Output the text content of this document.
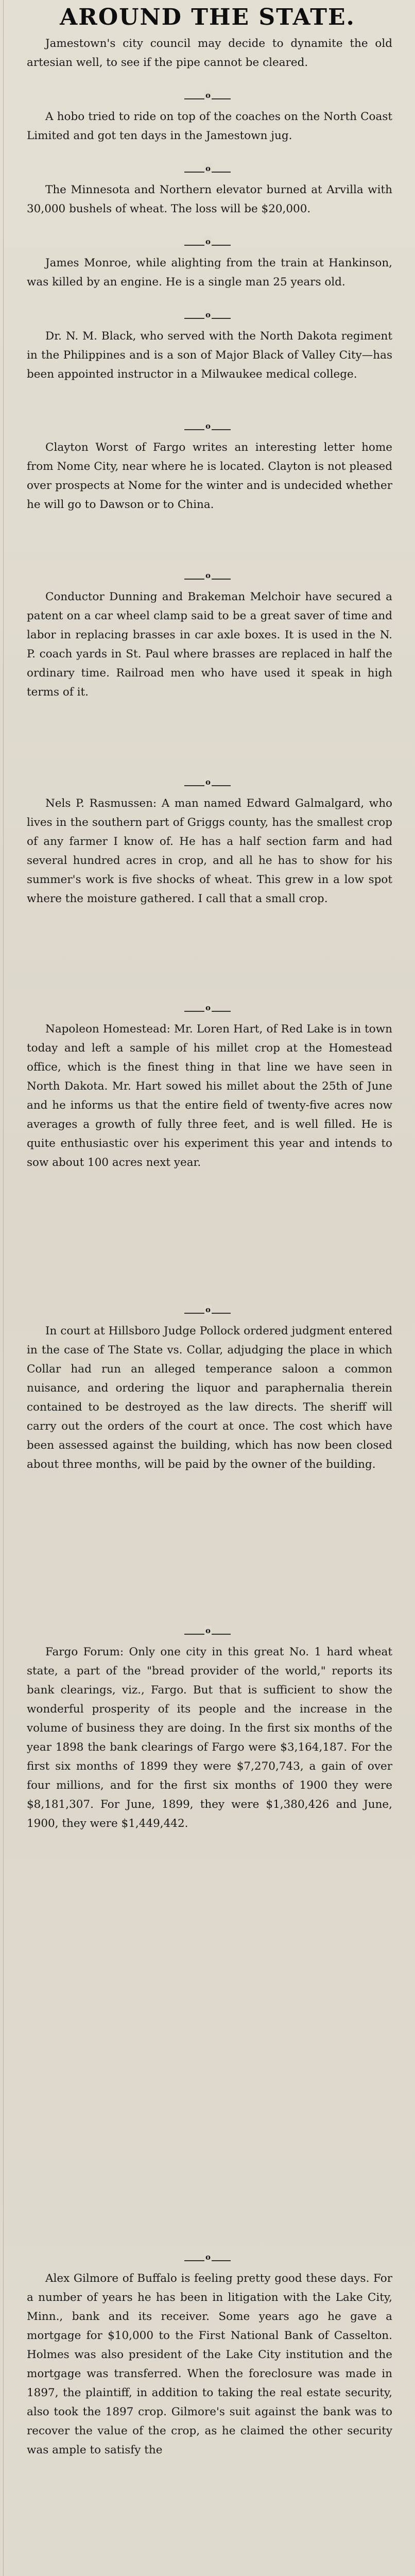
AROUND THE STATE.

Jamestown's city council may decide to dynamite the old artesian well, to see if the pipe cannot be cleared.

o

A hobo tried to ride on top of the coaches on the North Coast Limited and got ten days in the Jamestown jug.

o

The Minnesota and Northern elevator burned at Arvilla with 30,000 bushels of wheat. The loss will be $20,000.

o

James Monroe, while alighting from the train at Hankinson, was killed by an engine. He is a single man 25 years old.

o

Dr. N. M. Black, who served with the North Dakota regiment in the Philippines and is a son of Major Black of Valley City—has been appointed instructor in a Milwaukee medical college.

o

Clayton Worst of Fargo writes an interesting letter home from Nome City, near where he is located. Clayton is not pleased over prospects at Nome for the winter and is undecided whether he will go to Dawson or to China.

o

Conductor Dunning and Brakeman Melchoir have secured a patent on a car wheel clamp said to be a great saver of time and labor in replacing brasses in car axle boxes. It is used in the N. P. coach yards in St. Paul where brasses are replaced in half the ordinary time. Railroad men who have used it speak in high terms of it.

o

Nels P. Rasmussen: A man named Edward Galmalgard, who lives in the southern part of Griggs county, has the smallest crop of any farmer I know of. He has a half section farm and had several hundred acres in crop, and all he has to show for his summer's work is five shocks of wheat. This grew in a low spot where the moisture gathered. I call that a small crop.

o

Napoleon Homestead: Mr. Loren Hart, of Red Lake is in town today and left a sample of his millet crop at the Homestead office, which is the finest thing in that line we have seen in North Dakota. Mr. Hart sowed his millet about the 25th of June and he informs us that the entire field of twenty-five acres now averages a growth of fully three feet, and is well filled. He is quite enthusiastic over his experiment this year and intends to sow about 100 acres next year.

o

In court at Hillsboro Judge Pollock ordered judgment entered in the case of The State vs. Collar, adjudging the place in which Collar had run an alleged temperance saloon a common nuisance, and ordering the liquor and paraphernalia therein contained to be destroyed as the law directs. The sheriff will carry out the orders of the court at once. The cost which have been assessed against the building, which has now been closed about three months, will be paid by the owner of the building.

o

Fargo Forum: Only one city in this great No. 1 hard wheat state, a part of the "bread provider of the world," reports its bank clearings, viz., Fargo. But that is sufficient to show the wonderful prosperity of its people and the increase in the volume of business they are doing. In the first six months of the year 1898 the bank clearings of Fargo were $3,164,187. For the first six months of 1899 they were $7,270,743, a gain of over four millions, and for the first six months of 1900 they were $8,181,307. For June, 1899, they were $1,380,426 and June, 1900, they were $1,449,442.

o

Alex Gilmore of Buffalo is feeling pretty good these days. For a number of years he has been in litigation with the Lake City, Minn., bank and its receiver. Some years ago he gave a mortgage for $10,000 to the First National Bank of Casselton. Holmes was also president of the Lake City institution and the mortgage was transferred. When the foreclosure was made in 1897, the plaintiff, in addition to taking the real estate security, also took the 1897 crop. Gilmore's suit against the bank was to recover the value of the crop, as he claimed the other security was ample to satisfy the
